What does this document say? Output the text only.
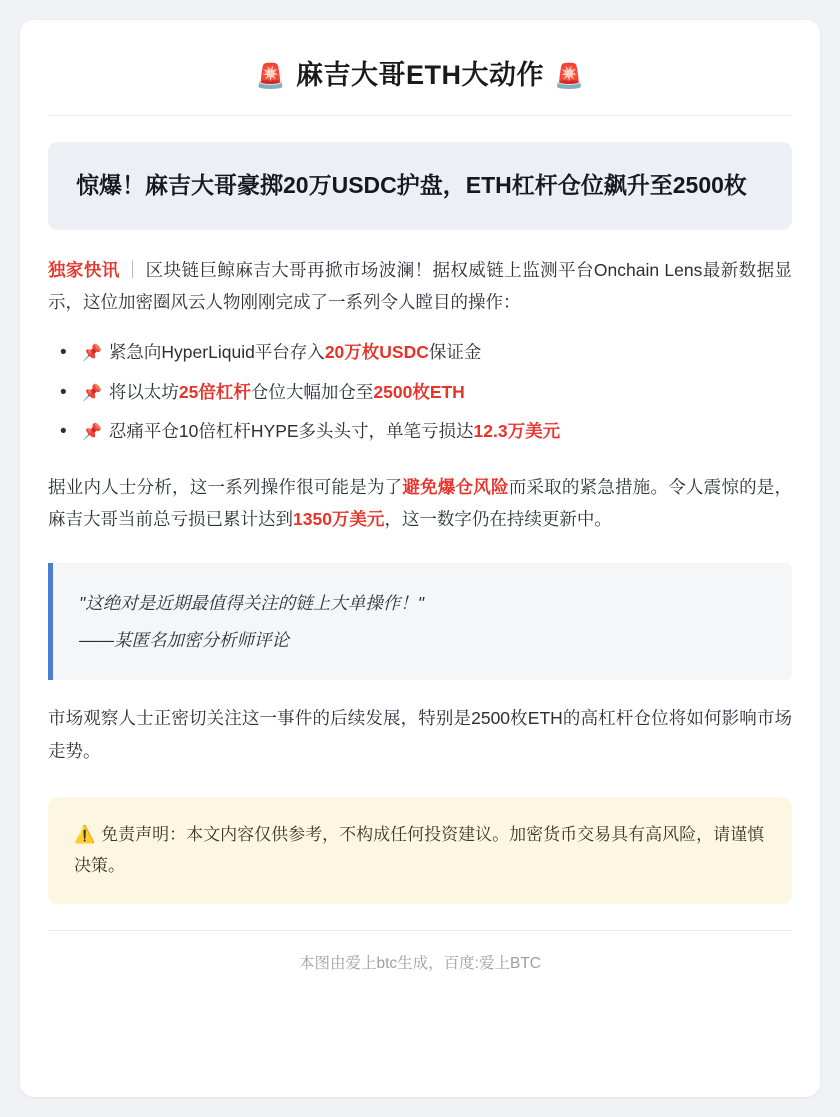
🚨 麻吉大哥ETH大动作 🚨

惊爆！麻吉大哥豪掷20万USDC护盘，ETH杠杆仓位飙升至2500枚

独家快讯 ｜ 区块链巨鲸麻吉大哥再掀市场波澜！据权威链上监测平台Onchain Lens最新数据显示，这位加密圈风云人物刚刚完成了一系列令人瞠目的操作：

• 📌 紧急向HyperLiquid平台存入20万枚USDC保证金
• 📌 将以太坊25倍杠杆仓位大幅加仓至2500枚ETH
• 📌 忍痛平仓10倍杠杆HYPE多头头寸，单笔亏损达12.3万美元

据业内人士分析，这一系列操作很可能是为了避免爆仓风险而采取的紧急措施。令人震惊的是，麻吉大哥当前总亏损已累计达到1350万美元，这一数字仍在持续更新中。

"这绝对是近期最值得关注的链上大单操作！"

——某匿名加密分析师评论

市场观察人士正密切关注这一事件的后续发展，特别是2500枚ETH的高杠杆仓位将如何影响市场走势。

⚠️ 免责声明：本文内容仅供参考，不构成任何投资建议。加密货币交易具有高风险，请谨慎决策。

本图由爱上btc生成，百度:爱上BTC
